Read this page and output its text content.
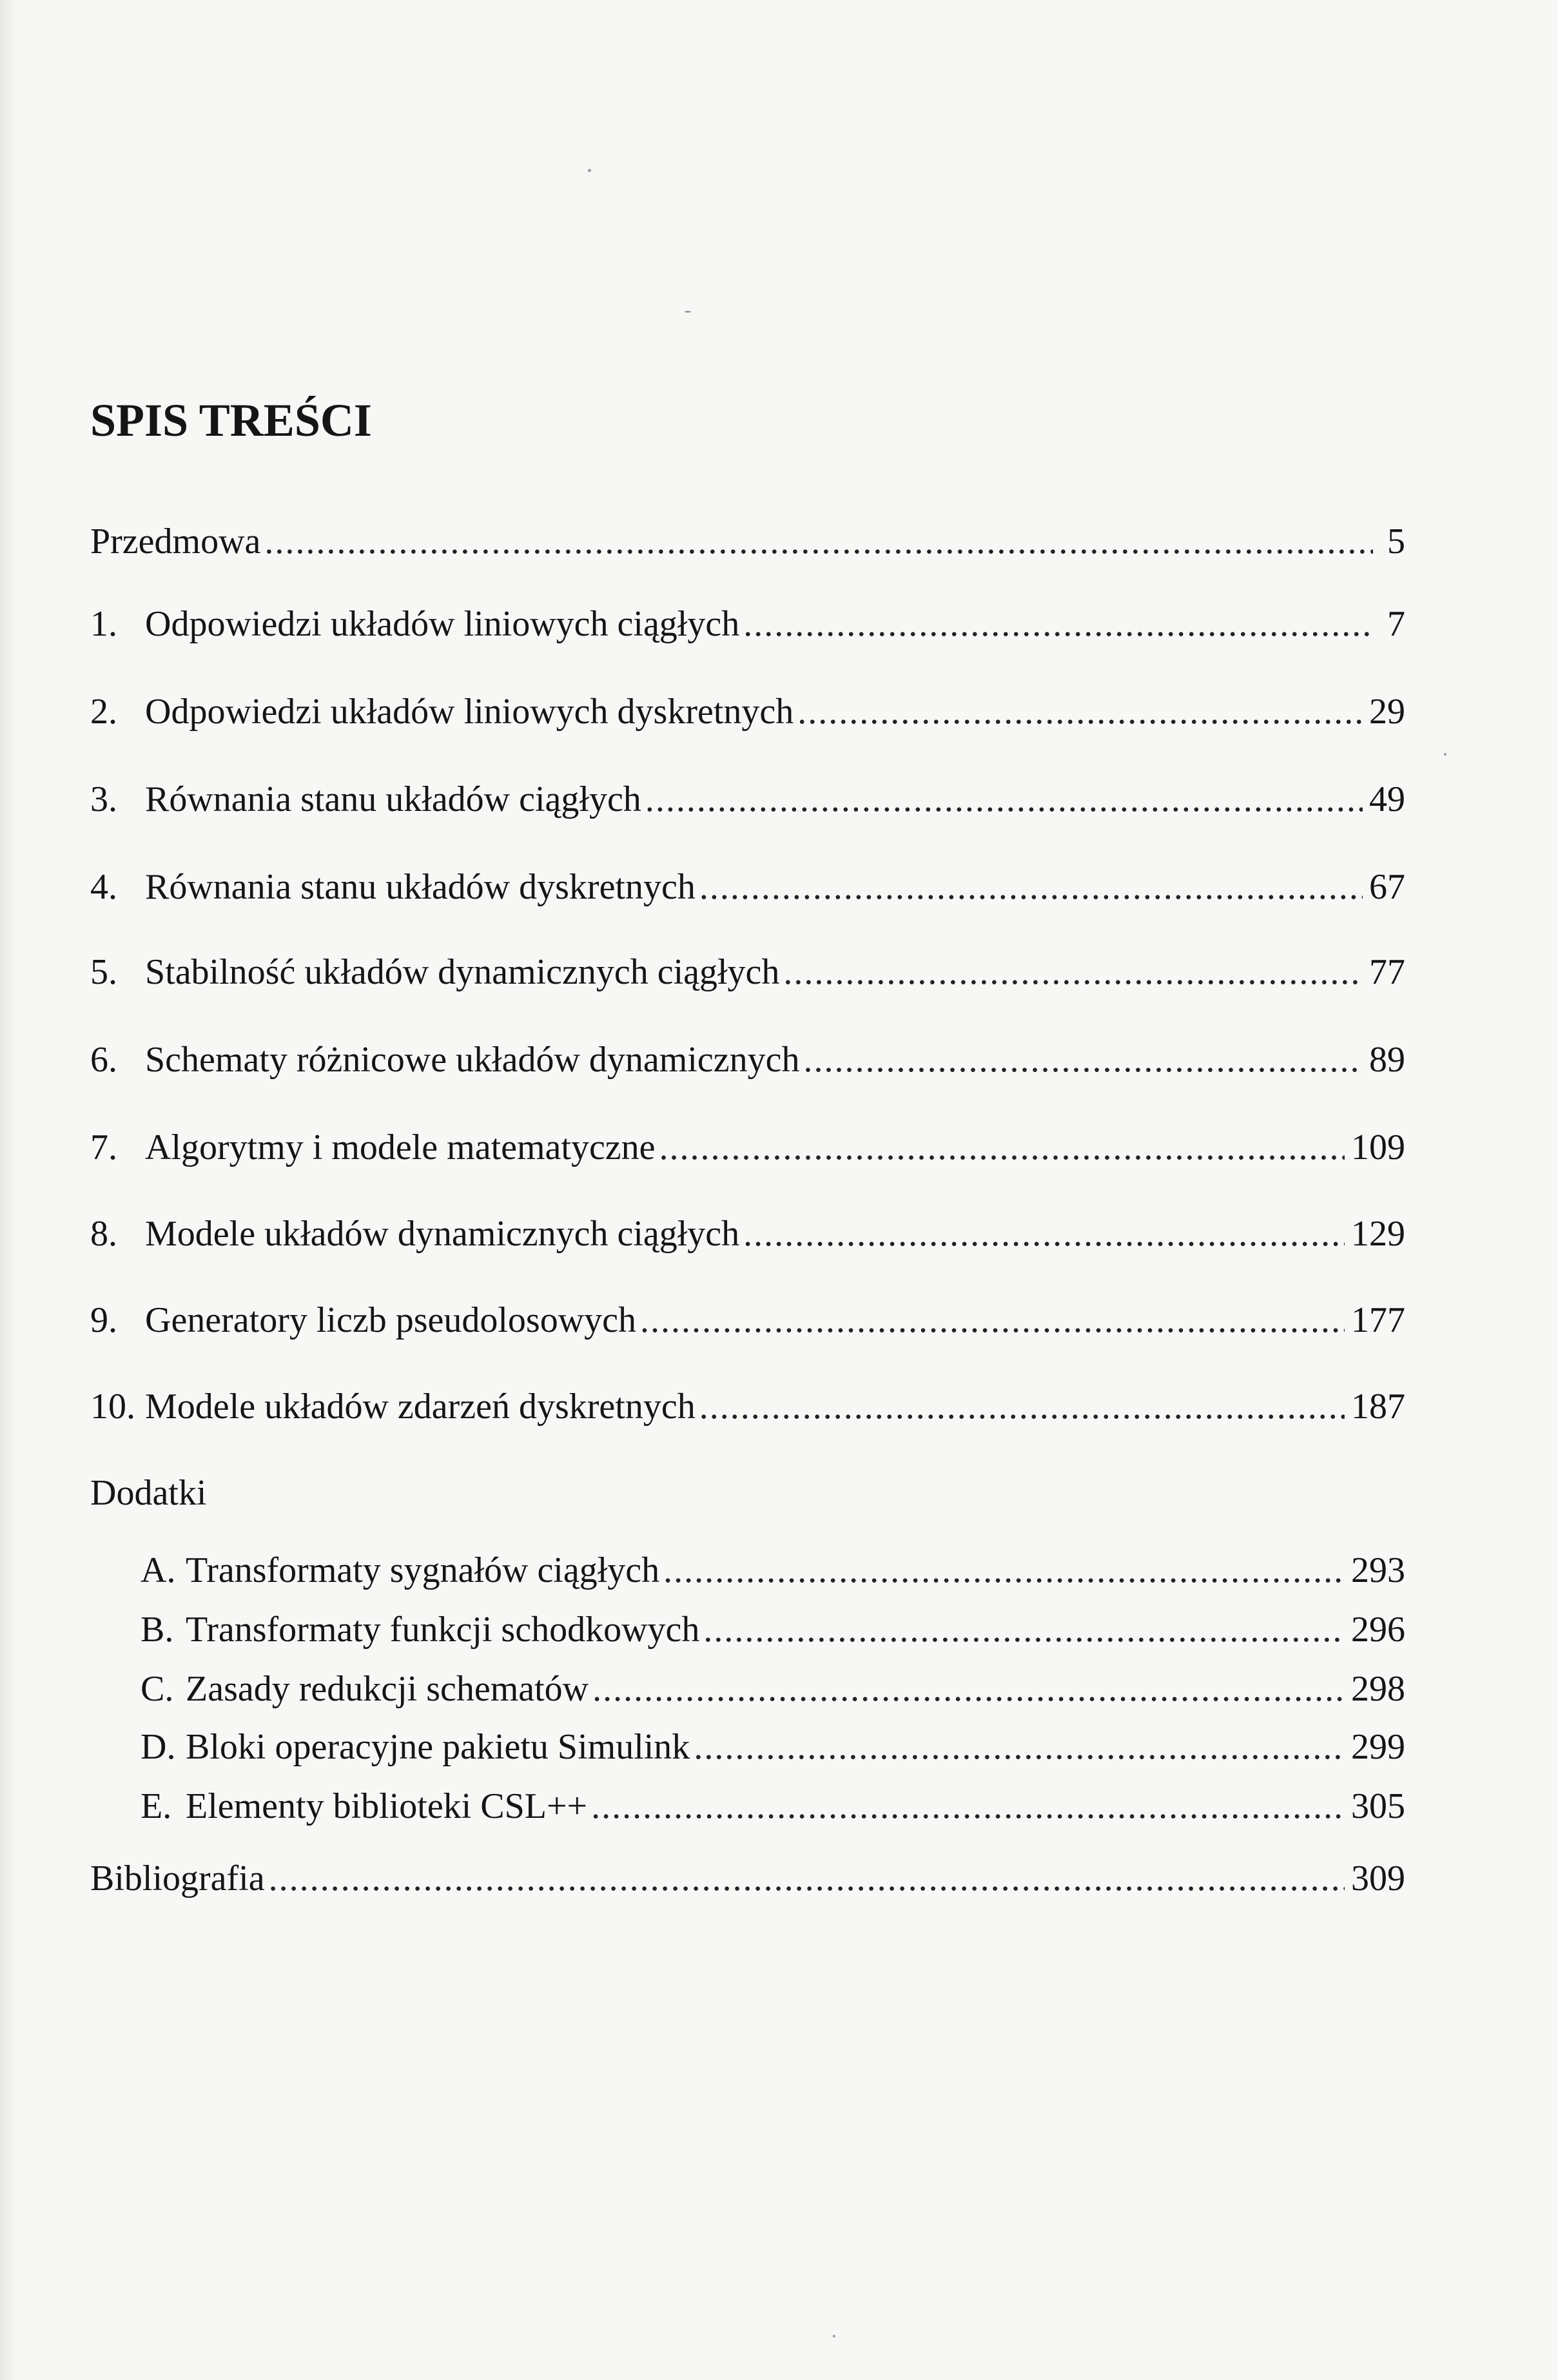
SPIS TREŚCI
Przedmowa .....	5
1. Odpowiedzi układów liniowych ciągłych .....	7
2. Odpowiedzi układów liniowych dyskretnych .....	29
3. Równania stanu układów ciągłych .....	49
4. Równania stanu układów dyskretnych .....	67
5. Stabilność układów dynamicznych ciągłych .....	77
6. Schematy różnicowe układów dynamicznych .....	89
7. Algorytmy i modele matematyczne .....	109
8. Modele układów dynamicznych ciągłych .....	129
9. Generatory liczb pseudolosowych .....	177
10. Modele układów zdarzeń dyskretnych .....	187
Dodatki
A. Transformaty sygnałów ciągłych .....	293
B. Transformaty funkcji schodkowych .....	296
C. Zasady redukcji schematów .....	298
D. Bloki operacyjne pakietu Simulink .....	299
E. Elementy biblioteki CSL++ .....	305
Bibliografia .....	309
